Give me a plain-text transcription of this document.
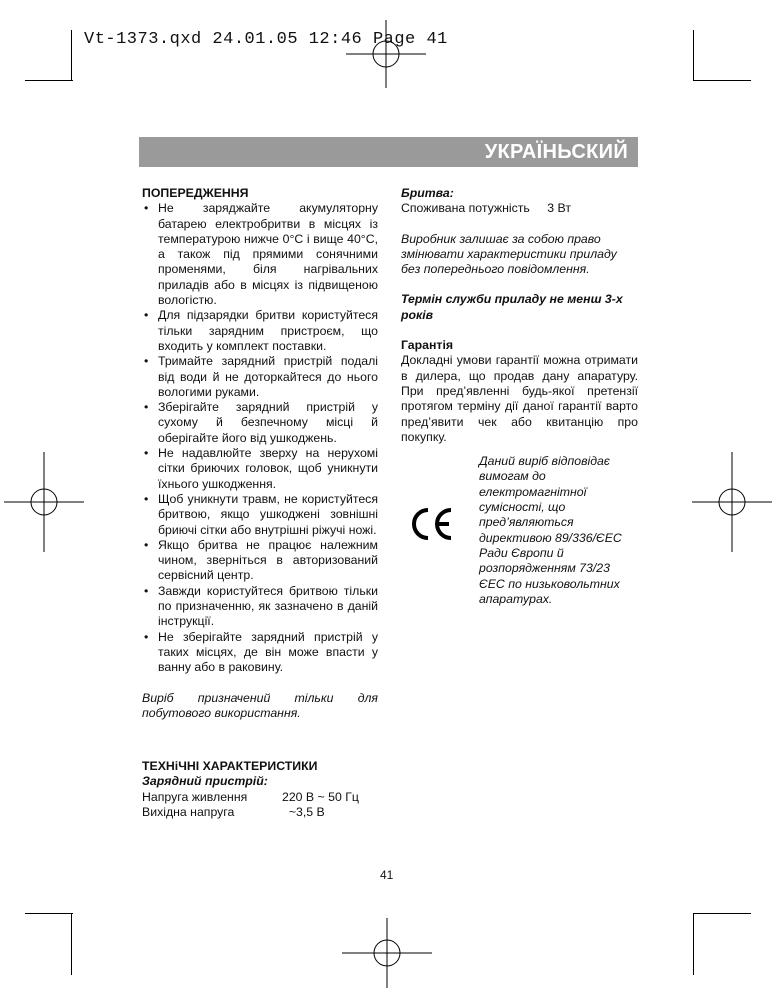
Vt-1373.qxd 24.01.05 12:46 Page 41
УКРАЇНЬСКИЙ
ПОПЕРЕДЖЕННЯ
• Не заряджайте акумуляторну батарею електробритви в місцях із температурою нижче 0°С і вище 40°С, а також під прямими сонячними променями, біля нагрівальних приладів або в місцях із підвищеною вологістю.
• Для підзарядки бритви користуйтеся тільки зарядним пристроєм, що входить у комплект поставки.
• Тримайте зарядний пристрій подалі від води й не доторкайтеся до нього вологими руками.
• Зберігайте зарядний пристрій у сухому й безпечному місці й оберігайте його від ушкоджень.
• Не надавлюйте зверху на нерухомі сітки бриючих головок, щоб уникнути їхнього ушкодження.
• Щоб уникнути травм, не користуйтеся бритвою, якщо ушкоджені зовнішні бриючі сітки або внутрішні ріжучі ножі.
• Якщо бритва не працює належним чином, зверніться в авторизований сервісний центр.
• Завжди користуйтеся бритвою тільки по призначенню, як зазначено в даній інструкції.
• Не зберігайте зарядний пристрій у таких місцях, де він може впасти у ванну або в раковину.
Виріб призначений тільки для побутового використання.
ТЕХНіЧНІ ХАРАКТЕРИСТИКИ
Зарядний пристрій:
Напруга живлення	220 В ~ 50 Гц
Вихідна напруга	~3,5 В
Бритва:
Споживана потужність 3 Вт
Виробник залишає за собою право змінювати характеристики приладу без попереднього повідомлення.
Термін служби приладу не менш 3-х років
Гарантія
Докладні умови гарантії можна отримати в дилера, що продав дану апаратуру. При пред’явленні будь-якої претензії протягом терміну дії даної гарантії варто пред’явити чек або квитанцію про покупку.
Даний виріб відповідає вимогам до електромагнітної сумісності, що пред’являються директивою 89/336/ЄЕС Ради Європи й розпорядженням 73/23 ЄЕС по низьковольтних апаратурах.
41
